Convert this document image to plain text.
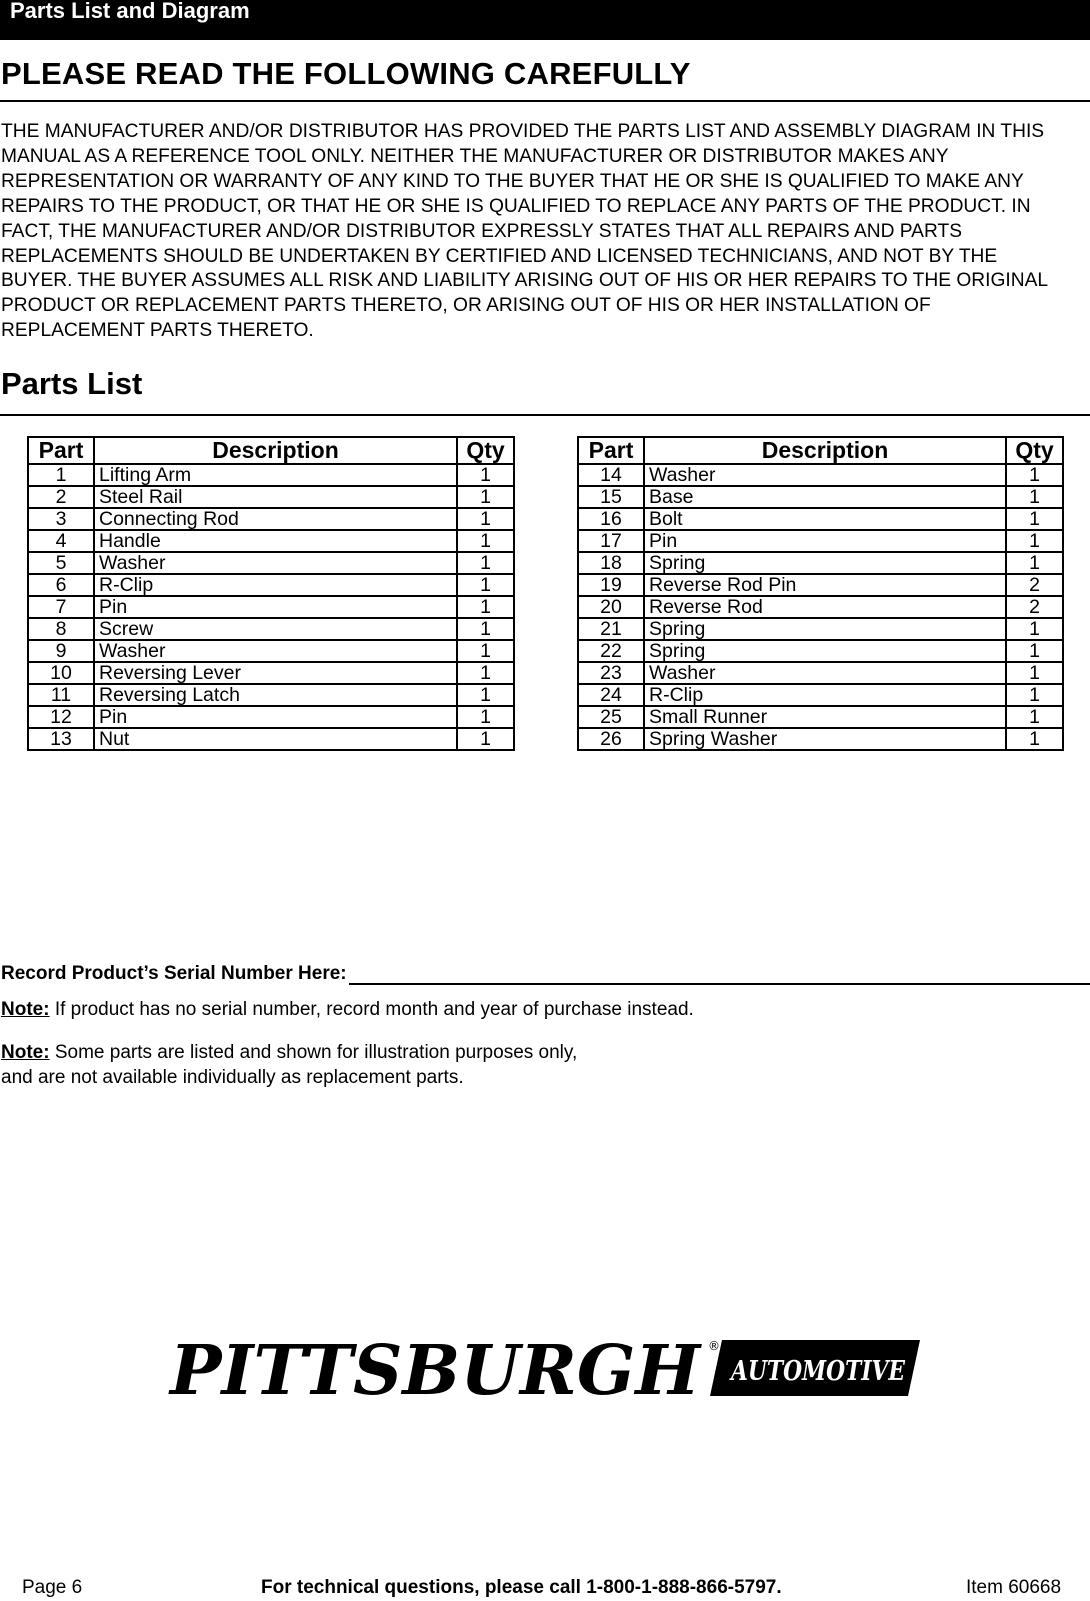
Parts List and Diagram
PLEASE READ THE FOLLOWING CAREFULLY
THE MANUFACTURER AND/OR DISTRIBUTOR HAS PROVIDED THE PARTS LIST AND ASSEMBLY DIAGRAM IN THIS MANUAL AS A REFERENCE TOOL ONLY. NEITHER THE MANUFACTURER OR DISTRIBUTOR MAKES ANY REPRESENTATION OR WARRANTY OF ANY KIND TO THE BUYER THAT HE OR SHE IS QUALIFIED TO MAKE ANY REPAIRS TO THE PRODUCT, OR THAT HE OR SHE IS QUALIFIED TO REPLACE ANY PARTS OF THE PRODUCT. IN FACT, THE MANUFACTURER AND/OR DISTRIBUTOR EXPRESSLY STATES THAT ALL REPAIRS AND PARTS REPLACEMENTS SHOULD BE UNDERTAKEN BY CERTIFIED AND LICENSED TECHNICIANS, AND NOT BY THE BUYER. THE BUYER ASSUMES ALL RISK AND LIABILITY ARISING OUT OF HIS OR HER REPAIRS TO THE ORIGINAL PRODUCT OR REPLACEMENT PARTS THERETO, OR ARISING OUT OF HIS OR HER INSTALLATION OF REPLACEMENT PARTS THERETO.
Parts List
Part	Description	Qty
1	Lifting Arm	1
2	Steel Rail	1
3	Connecting Rod	1
4	Handle	1
5	Washer	1
6	R-Clip	1
7	Pin	1
8	Screw	1
9	Washer	1
10	Reversing Lever	1
11	Reversing Latch	1
12	Pin	1
13	Nut	1
Part	Description	Qty
14	Washer	1
15	Base	1
16	Bolt	1
17	Pin	1
18	Spring	1
19	Reverse Rod Pin	2
20	Reverse Rod	2
21	Spring	1
22	Spring	1
23	Washer	1
24	R-Clip	1
25	Small Runner	1
26	Spring Washer	1
Record Product’s Serial Number Here:
Note: If product has no serial number, record month and year of purchase instead.
Note: Some parts are listed and shown for illustration purposes only,
and are not available individually as replacement parts.
PITTSBURGH ®
AUTOMOTIVE
Page 6	For technical questions, please call 1-800-1-888-866-5797.	Item 60668
